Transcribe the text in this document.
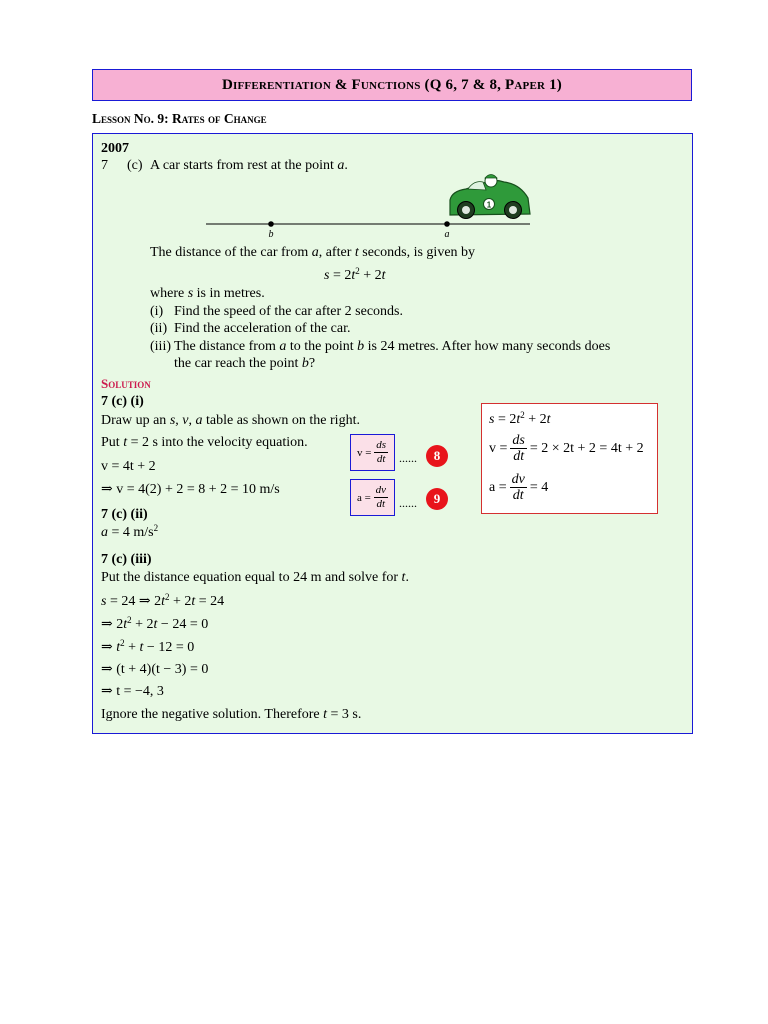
Differentiation & Functions (Q 6, 7 & 8, Paper 1)
Lesson No. 9: Rates of Change
2007
7 (c) A car starts from rest at the point a.
1
b	a
The distance of the car from a, after t seconds, is given by
$s = 2t^2 + 2t$
where s is in metres.
(i) Find the speed of the car after 2 seconds.
(ii) Find the acceleration of the car.
(iii) The distance from a to the point b is 24 metres. After how many seconds does
the car reach the point b?
Solution
7 (c) (i)
Draw up an s, v, a table as shown on the right.
Put t = 2 s into the velocity equation.
v = 4t + 2
⇒ v = 4(2) + 2 = 8 + 2 = 10 m/s
v =
$\frac{ds}{dt}$ ......	8
a =
$\frac{dv}{dt}$ ......	9
$s = 2t^2 + 2t$
$v = \frac{ds}{dt} = 2 \times 2t + 2 = 4t + 2$
$a = \frac{dv}{dt} = 4$
7 (c) (ii)
a = 4 $m/s^2$
7 (c) (iii)
Put the distance equation equal to 24 m and solve for t.
s = 24 ⇒ $2t^2 + 2t = 24$
⇒ $2t^2 + 2t - 24 = 0$
⇒ $t^2 + t - 12 = 0$
⇒ (t + 4)(t − 3) = 0
⇒ t = −4, 3
Ignore the negative solution. Therefore t = 3 s.
